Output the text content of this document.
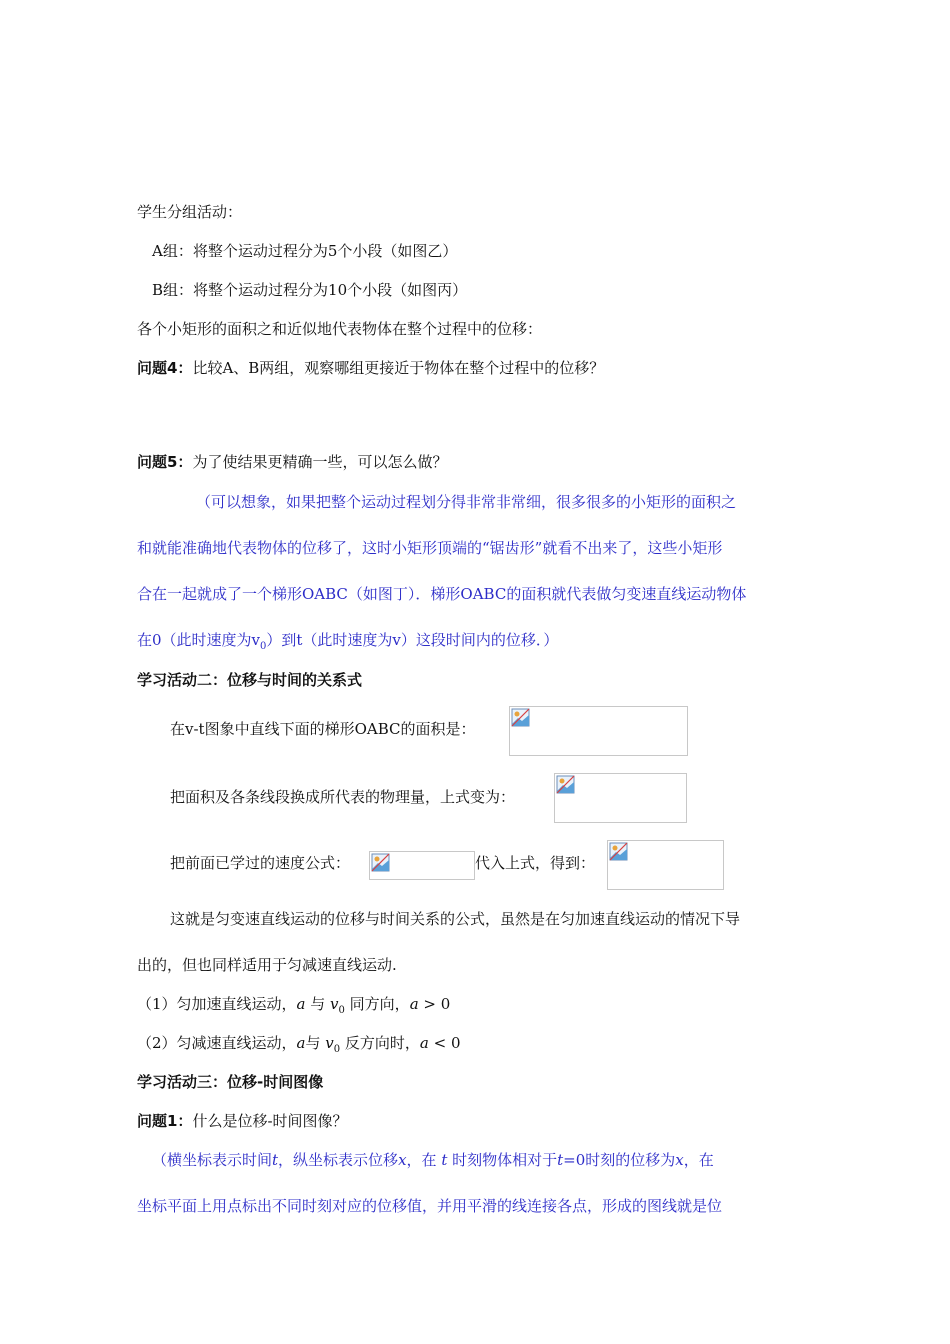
学生分组活动：
A组：将整个运动过程分为5个小段（如图乙）
B组：将整个运动过程分为10个小段（如图丙）
各个小矩形的面积之和近似地代表物体在整个过程中的位移：
问题4：比较A、B两组，观察哪组更接近于物体在整个过程中的位移？
问题5：为了使结果更精确一些，可以怎么做？
（可以想象，如果把整个运动过程划分得非常非常细，很多很多的小矩形的面积之
和就能准确地代表物体的位移了，这时小矩形顶端的“锯齿形”就看不出来了，这些小矩形
合在一起就成了一个梯形OABC（如图丁）．梯形OABC的面积就代表做匀变速直线运动物体
在0（此时速度为$v_0$）到t（此时速度为v）这段时间内的位移．）
学习活动二：位移与时间的关系式
在v-t图象中直线下面的梯形OABC的面积是：
把面积及各条线段换成所代表的物理量，上式变为：
把前面已学过的速度公式：	代入上式，得到：
这就是匀变速直线运动的位移与时间关系的公式，虽然是在匀加速直线运动的情况下导
出的，但也同样适用于匀减速直线运动.
（1）匀加速直线运动，a 与 $v_0$ 同方向，a > 0
（2）匀减速直线运动，a与 $v_0$ 反方向时，a < 0
学习活动三：位移-时间图像
问题1：什么是位移-时间图像？
（横坐标表示时间t，纵坐标表示位移x，在 t 时刻物体相对于t=0时刻的位移为x，在
坐标平面上用点标出不同时刻对应的位移值，并用平滑的线连接各点，形成的图线就是位
